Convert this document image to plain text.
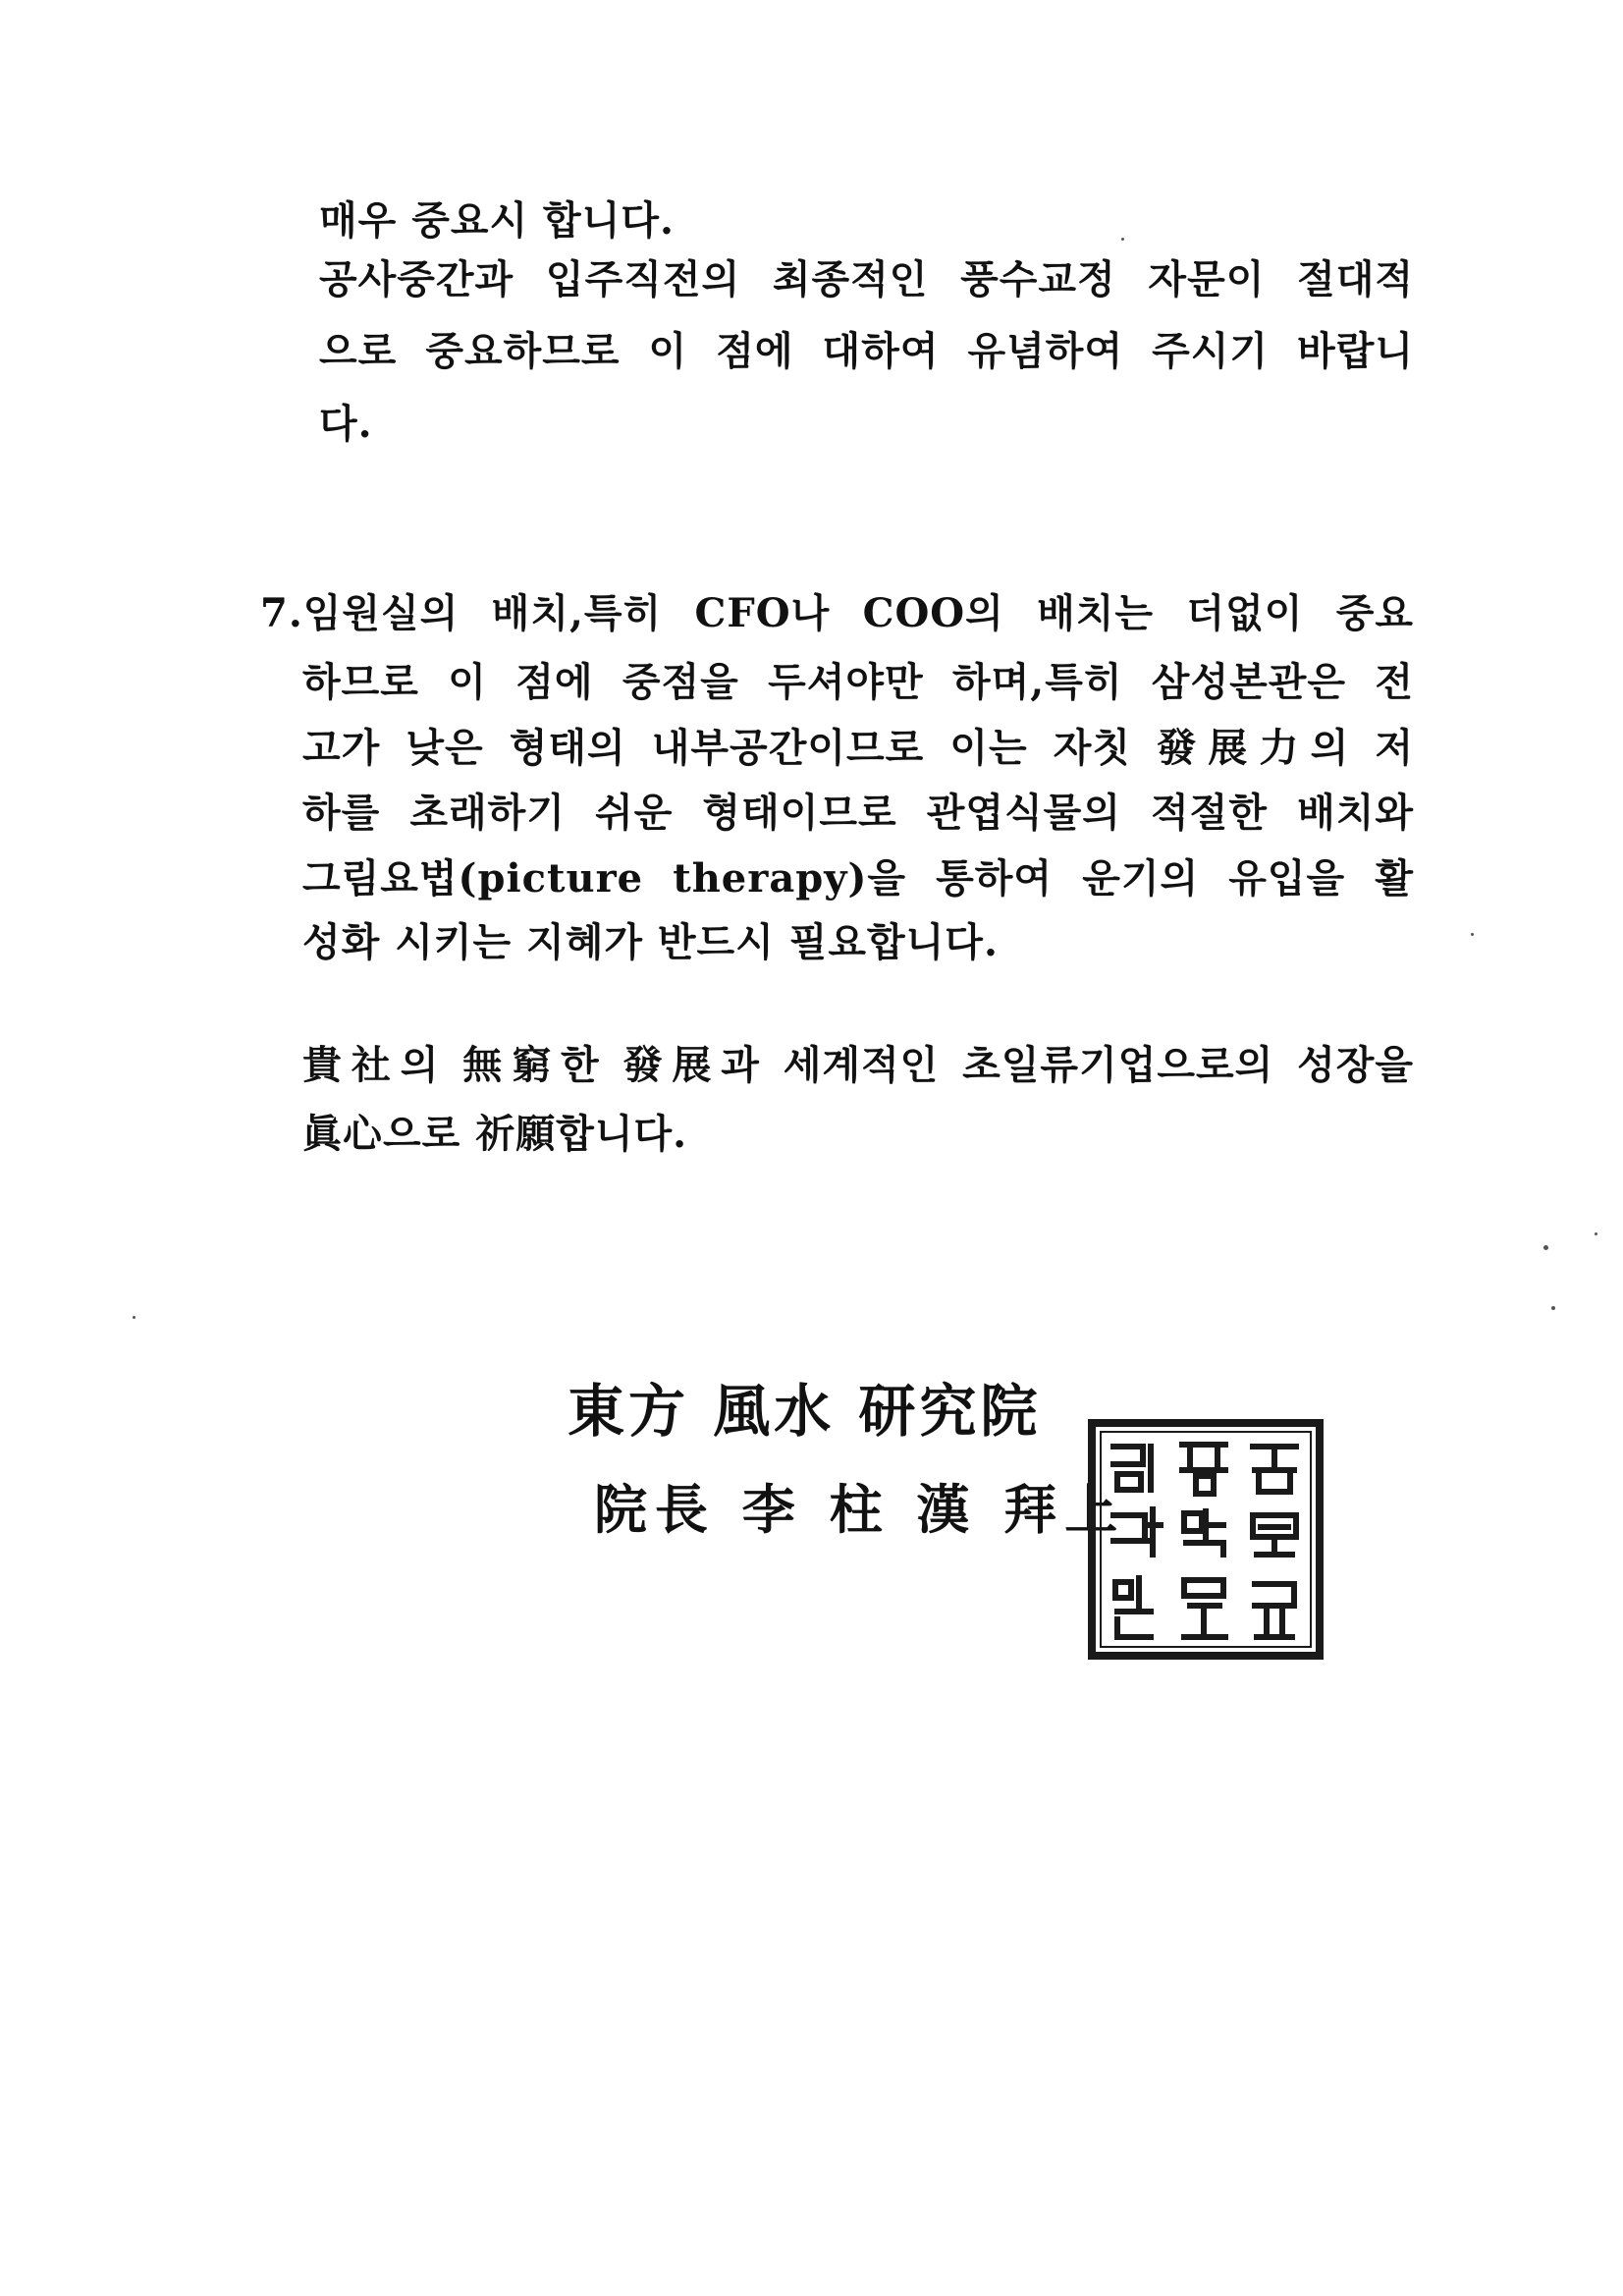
매우 중요시 합니다.
공사중간과 입주직전의 최종적인 풍수교정 자문이 절대적
으로 중요하므로 이 점에 대하여 유념하여 주시기 바랍니
다.
7.임원실의 배치,특히 CFO나 COO의 배치는 더없이 중요
하므로 이 점에 중점을 두셔야만 하며,특히 삼성본관은 전
고가 낮은 형태의 내부공간이므로 이는 자칫 發展力의 저
하를 초래하기 쉬운 형태이므로 관엽식물의 적절한 배치와
그림요법(picture therapy)을 통하여 운기의 유입을 활
성화 시키는 지혜가 반드시 필요합니다.
貴社의 無窮한 發展과 세계적인 초일류기업으로의 성장을
眞心으로 祈願합니다.
東方 風水 研究院
院長 李 柱 漢 拜上
